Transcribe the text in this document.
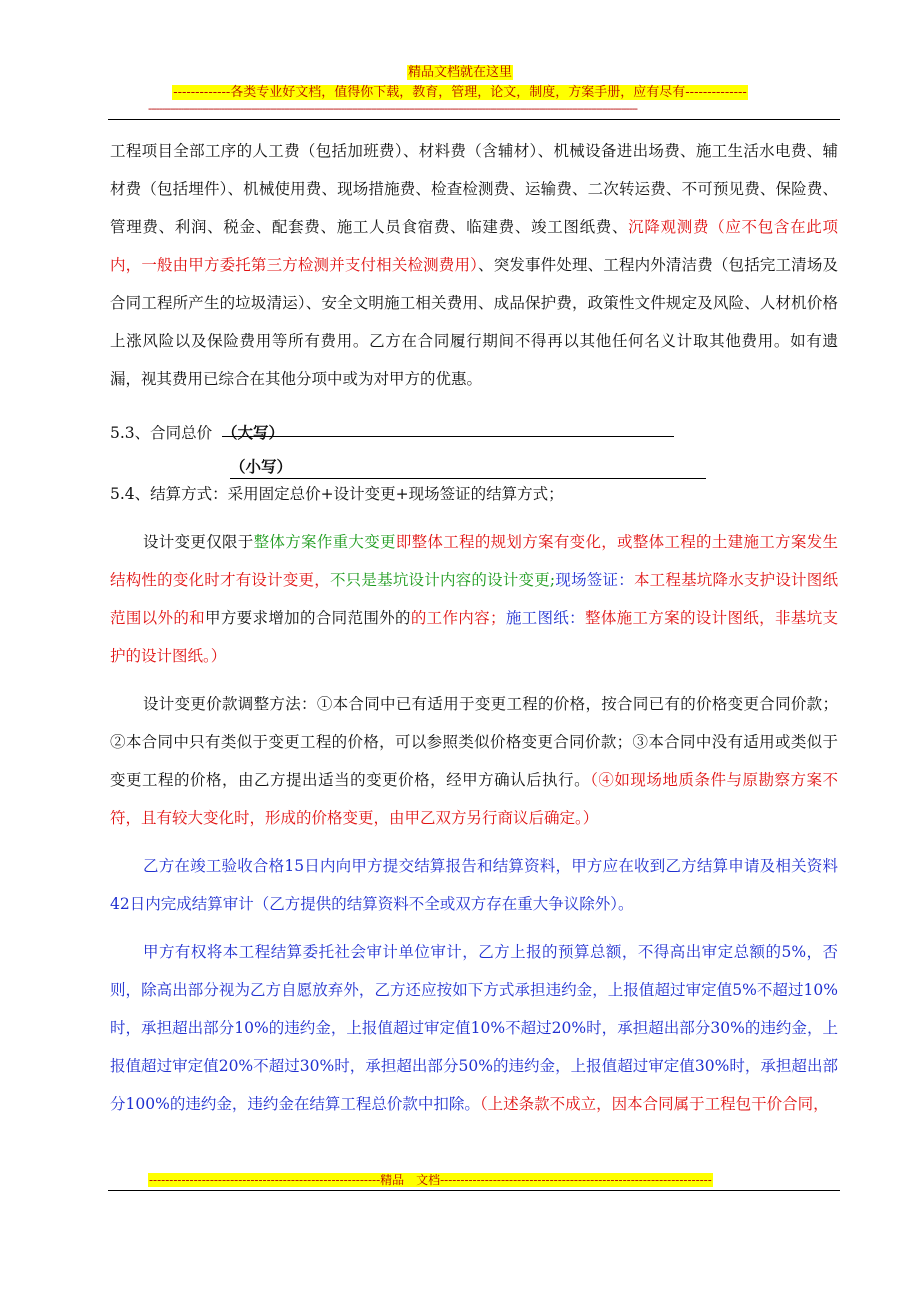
精品文档就在这里
-------------各类专业好文档，值得你下载，教育，管理，论文，制度，方案手册，应有尽有--------------
------------------------------------------------------------------------------------------------------------------------------------------------------------------------------------

工程项目全部工序的人工费（包括加班费）、材料费（含辅材）、机械设备进出场费、施工生活水电费、辅材费（包括埋件）、机械使用费、现场措施费、检查检测费、运输费、二次转运费、不可预见费、保险费、管理费、利润、税金、配套费、施工人员食宿费、临建费、竣工图纸费、沉降观测费（应不包含在此项内，一般由甲方委托第三方检测并支付相关检测费用）、突发事件处理、工程内外清洁费（包括完工清场及合同工程所产生的垃圾清运）、安全文明施工相关费用、成品保护费，政策性文件规定及风险、人材机价格上涨风险以及保险费用等所有费用。乙方在合同履行期间不得再以其他任何名义计取其他费用。如有遗漏，视其费用已综合在其他分项中或为对甲方的优惠。

5.3、合同总价 （大写）

（小写）

5.4、结算方式：采用固定总价+设计变更+现场签证的结算方式；

设计变更仅限于整体方案作重大变更即整体工程的规划方案有变化，或整体工程的土建施工方案发生结构性的变化时才有设计变更，不只是基坑设计内容的设计变更;现场签证：本工程基坑降水支护设计图纸范围以外的和甲方要求增加的合同范围外的的工作内容；施工图纸：整体施工方案的设计图纸，非基坑支护的设计图纸。）

设计变更价款调整方法：①本合同中已有适用于变更工程的价格，按合同已有的价格变更合同价款；②本合同中只有类似于变更工程的价格，可以参照类似价格变更合同价款；③本合同中没有适用或类似于变更工程的价格，由乙方提出适当的变更价格，经甲方确认后执行。（④如现场地质条件与原勘察方案不符，且有较大变化时，形成的价格变更，由甲乙双方另行商议后确定。）

乙方在竣工验收合格15日内向甲方提交结算报告和结算资料，甲方应在收到乙方结算申请及相关资料42日内完成结算审计（乙方提供的结算资料不全或双方存在重大争议除外）。

甲方有权将本工程结算委托社会审计单位审计，乙方上报的预算总额，不得高出审定总额的5%，否则，除高出部分视为乙方自愿放弃外，乙方还应按如下方式承担违约金，上报值超过审定值5%不超过10%时，承担超出部分10%的违约金，上报值超过审定值10%不超过20%时，承担超出部分30%的违约金，上报值超过审定值20%不超过30%时，承担超出部分50%的违约金，上报值超过审定值30%时，承担超出部分100%的违约金，违约金在结算工程总价款中扣除。（上述条款不成立，因本合同属于工程包干价合同，

---------------------------------------------------------精品　文档-------------------------------------------------------------------
